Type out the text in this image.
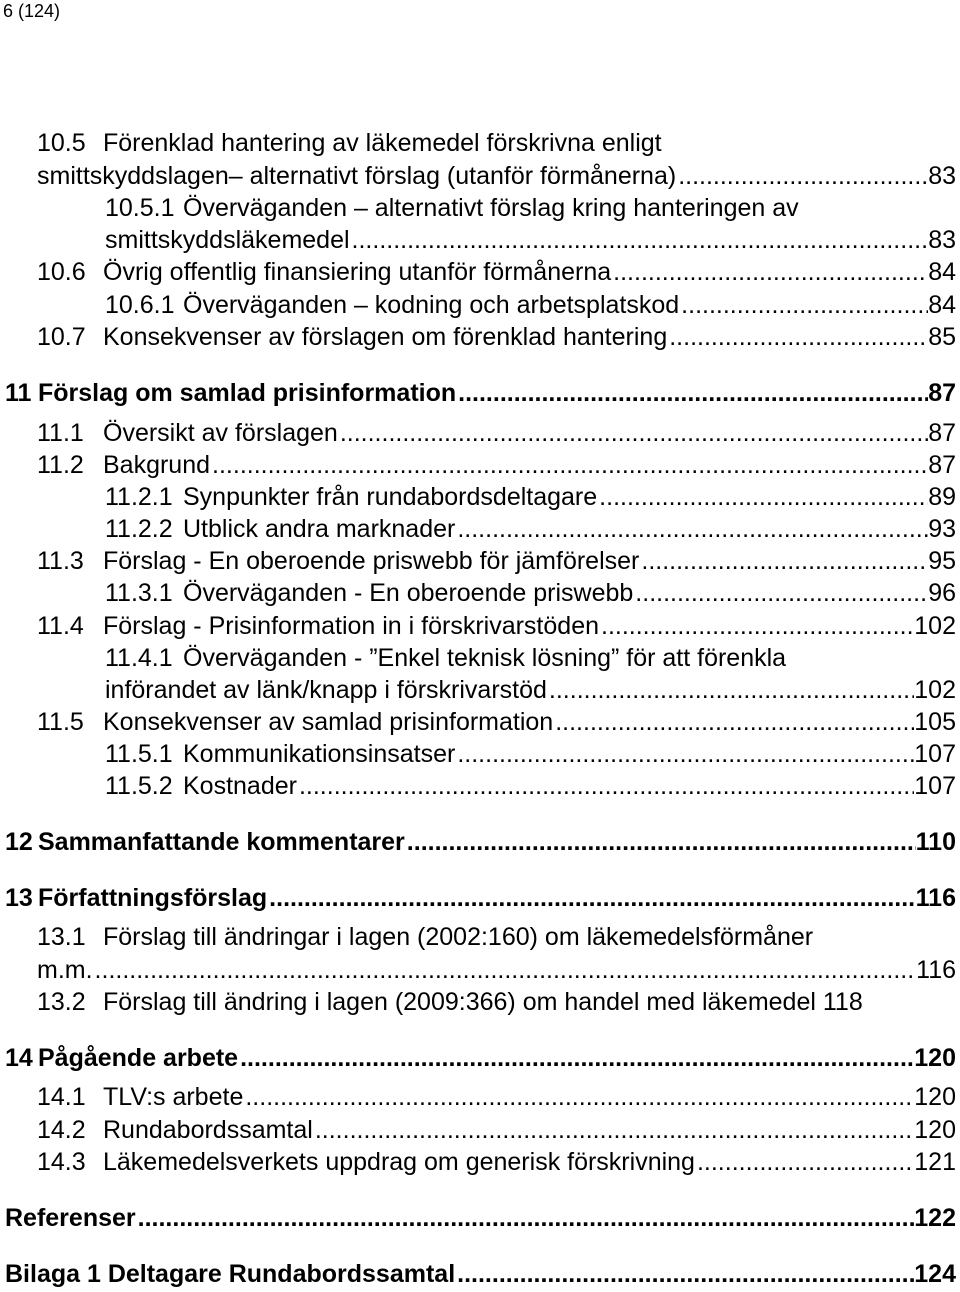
6 (124)
10.5 Förenklad hantering av läkemedel förskrivna enligt
smittskyddslagen– alternativt förslag (utanför förmånerna) .....	83
10.5.1 Överväganden – alternativt förslag kring hanteringen av
smittskyddsläkemedel .....	83
10.6 Övrig offentlig finansiering utanför förmånerna .....	84
10.6.1 Överväganden – kodning och arbetsplatskod .....	84
10.7 Konsekvenser av förslagen om förenklad hantering .....	85
11 Förslag om samlad prisinformation .....	87
11.1 Översikt av förslagen .....	87
11.2 Bakgrund .....	87
11.2.1 Synpunkter från rundabordsdeltagare .....	89
11.2.2 Utblick andra marknader .....	93
11.3 Förslag - En oberoende priswebb för jämförelser .....	95
11.3.1 Överväganden - En oberoende priswebb .....	96
11.4 Förslag - Prisinformation in i förskrivarstöden .....	102
11.4.1 Överväganden - ”Enkel teknisk lösning” för att förenkla
införandet av länk/knapp i förskrivarstöd .....	102
11.5 Konsekvenser av samlad prisinformation .....	105
11.5.1 Kommunikationsinsatser .....	107
11.5.2 Kostnader .....	107
12 Sammanfattande kommentarer .....	110
13 Författningsförslag .....	116
13.1 Förslag till ändringar i lagen (2002:160) om läkemedelsförmåner
m.m. .....	116
13.2 Förslag till ändring i lagen (2009:366) om handel med läkemedel 118
14 Pågående arbete .....	120
14.1 TLV:s arbete .....	120
14.2 Rundabordssamtal .....	120
14.3 Läkemedelsverkets uppdrag om generisk förskrivning .....	121
Referenser .....	122
Bilaga 1 Deltagare Rundabordssamtal .....	124
